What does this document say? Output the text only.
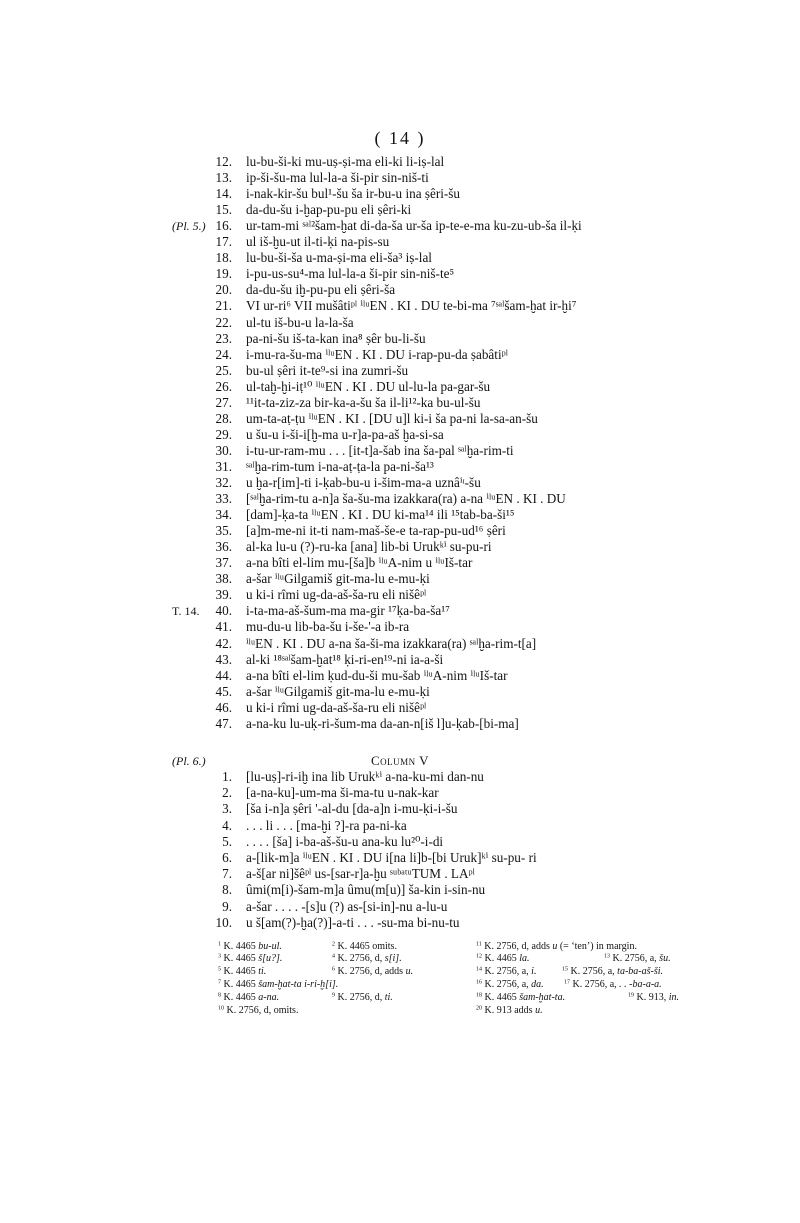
( 14 )
12. lu-bu-ši-ki mu-uṣ-ṣi-ma eli-ki li-iṣ-lal
13. ip-ši-šu-ma lul-la-a ši-pir sin-niš-ti
14. i-nak-kir-šu bul¹-šu ša ir-bu-u ina ṣêri-šu
15. da-du-šu i-ḫap-pu-pu eli ṣêri-ki
(Pl. 5.) 16. ur-tam-mi ˢᵃˡ²šam-ḫat di-da-ša ur-ša ip-te-e-ma ku-zu-ub-ša il-ḳi
17. ul iš-ḫu-ut il-ti-ḳi na-pis-su
18. lu-bu-ši-ša u-ma-ṣi-ma eli-ša³ iṣ-lal
19. i-pu-us-su⁴-ma lul-la-a ši-pir sin-niš-te⁵
20. da-du-šu iḫ-pu-pu eli ṣêri-ša
21. VI ur-ri⁶ VII mušâtiᵖˡ ⁱˡᵘEN . KI . DU te-bi-ma ⁷ˢᵃˡšam-ḫat ir-ḫi⁷
22. ul-tu iš-bu-u la-la-ša
23. pa-ni-šu iš-ta-kan ina⁸ ṣêr bu-li-šu
24. i-mu-ra-šu-ma ⁱˡᵘEN . KI . DU i-rap-pu-da ṣabâtiᵖˡ
25. bu-ul ṣêri it-te⁹-si ina zumri-šu
26. ul-taḫ-ḫi-iṭ¹⁰ ⁱˡᵘEN . KI . DU ul-lu-la pa-gar-šu
27. ¹¹it-ta-ziz-za bir-ka-a-šu ša il-li¹²-ka bu-ul-šu
28. um-ta-aṭ-ṭu ⁱˡᵘEN . KI . [DU u]l ki-i ša pa-ni la-sa-an-šu
29. u šu-u i-ši-i[ḫ-ma u-r]a-pa-aš ḫa-si-sa
30. i-tu-ur-ram-mu . . . [it-t]a-šab ina ša-pal ˢᵃˡḫa-rim-ti
31. ˢᵃˡḫa-rim-tum i-na-aṭ-ṭa-la pa-ni-ša¹³
32. u ḫa-r[im]-ti i-ḳab-bu-u i-šim-ma-a uznâⁱᶦ-šu
33. [ˢᵃˡḫa-rim-tu a-n]a ša-šu-ma izakkara(ra) a-na ⁱˡᵘEN . KI . DU
34. [dam]-ḳa-ta ⁱˡᵘEN . KI . DU ki-ma¹⁴ ili ¹⁵tab-ba-ši¹⁵
35. [a]m-me-ni it-ti nam-maš-še-e ta-rap-pu-ud¹⁶ ṣêri
36. al-ka lu-u (?)-ru-ka [ana] lib-bi Urukᵏⁱ su-pu-ri
37. a-na bîti el-lim mu-[ša]b ⁱˡᵘA-nim u ⁱˡᵘIš-tar
38. a-šar ⁱˡᵘGilgamiš git-ma-lu e-mu-ḳi
39. u ki-i rîmi ug-da-aš-ša-ru eli nišêᵖˡ
T. 14.	40. i-ta-ma-aš-šum-ma ma-gir ¹⁷ḳa-ba-ša¹⁷
41. mu-du-u lib-ba-šu i-še-'-a ib-ra
42. ⁱˡᵘEN . KI . DU a-na ša-ši-ma izakkara(ra) ˢᵃˡḫa-rim-t[a]
43. al-ki ¹⁸ˢᵃˡšam-ḫat¹⁸ ḳi-ri-en¹⁹-ni ia-a-ši
44. a-na bîti el-lim ḳud-du-ši mu-šab ⁱˡᵘA-nim ⁱˡᵘIš-tar
45. a-šar ⁱˡᵘGilgamiš git-ma-lu e-mu-ḳi
46. u ki-i rîmi ug-da-aš-ša-ru eli nišêᵖˡ
47. a-na-ku lu-uḳ-ri-šum-ma da-an-n[iš l]u-ḳab-[bi-ma]
(Pl. 6.)	Column V
1. [lu-uṣ]-ri-iḫ ina lib Urukᵏⁱ a-na-ku-mi dan-nu
2. [a-na-ku]-um-ma ši-ma-tu u-nak-kar
3. [ša i-n]a ṣêri '-al-du [da-a]n i-mu-ḳi-i-šu
4. . . . li . . . [ma-ḫi ?]-ra pa-ni-ka
5. . . . . [ša] i-ba-aš-šu-u ana-ku lu²⁰-i-di
6. a-[lik-m]a ⁱˡᵘEN . KI . DU i[na li]b-[bi Uruk]ᵏⁱ su-pu- ri
7. a-š[ar ni]šêᵖˡ us-[sar-r]a-ḫu ˢᵘᵇᵃᵗᵘTUM . LAᵖˡ
8. ûmi(m[i)-šam-m]a ûmu(m[u)] ša-kin i-sin-nu
9. a-šar . . . . -[s]u (?) as-[si-in]-nu a-lu-u
10. u š[am(?)-ḫa(?)]-a-ti . . . -su-ma bi-nu-tu
$^1$ K. 4465 bu-ul.
$^3$ K. 4465 š[u?].
$^5$ K. 4465 ti.
$^7$ K. 4465 šam-ḫat-ta i-ri-ḫ[i].
$^8$ K. 4465 a-na.
$^{10}$ K. 2756, d, omits.
$^2$ K. 4465 omits.
$^4$ K. 2756, d, s[i].
$^6$ K. 2756, d, adds u.
$^9$ K. 2756, d, ti.
$^{11}$ K. 2756, d, adds u (= ‘ten’) in margin.
$^{12}$ K. 4465 la.
$^{14}$ K. 2756, a, i.
$^{16}$ K. 2756, a, da.
$^{18}$ K. 4465 šam-ḫat-ta.
$^{20}$ K. 913 adds u.
$^{13}$ K. 2756, a, šu.
$^{15}$ K. 2756, a, ta-ba-aš-ši.
$^{17}$ K. 2756, a, . . -ba-a-a.
$^{19}$ K. 913, in.
